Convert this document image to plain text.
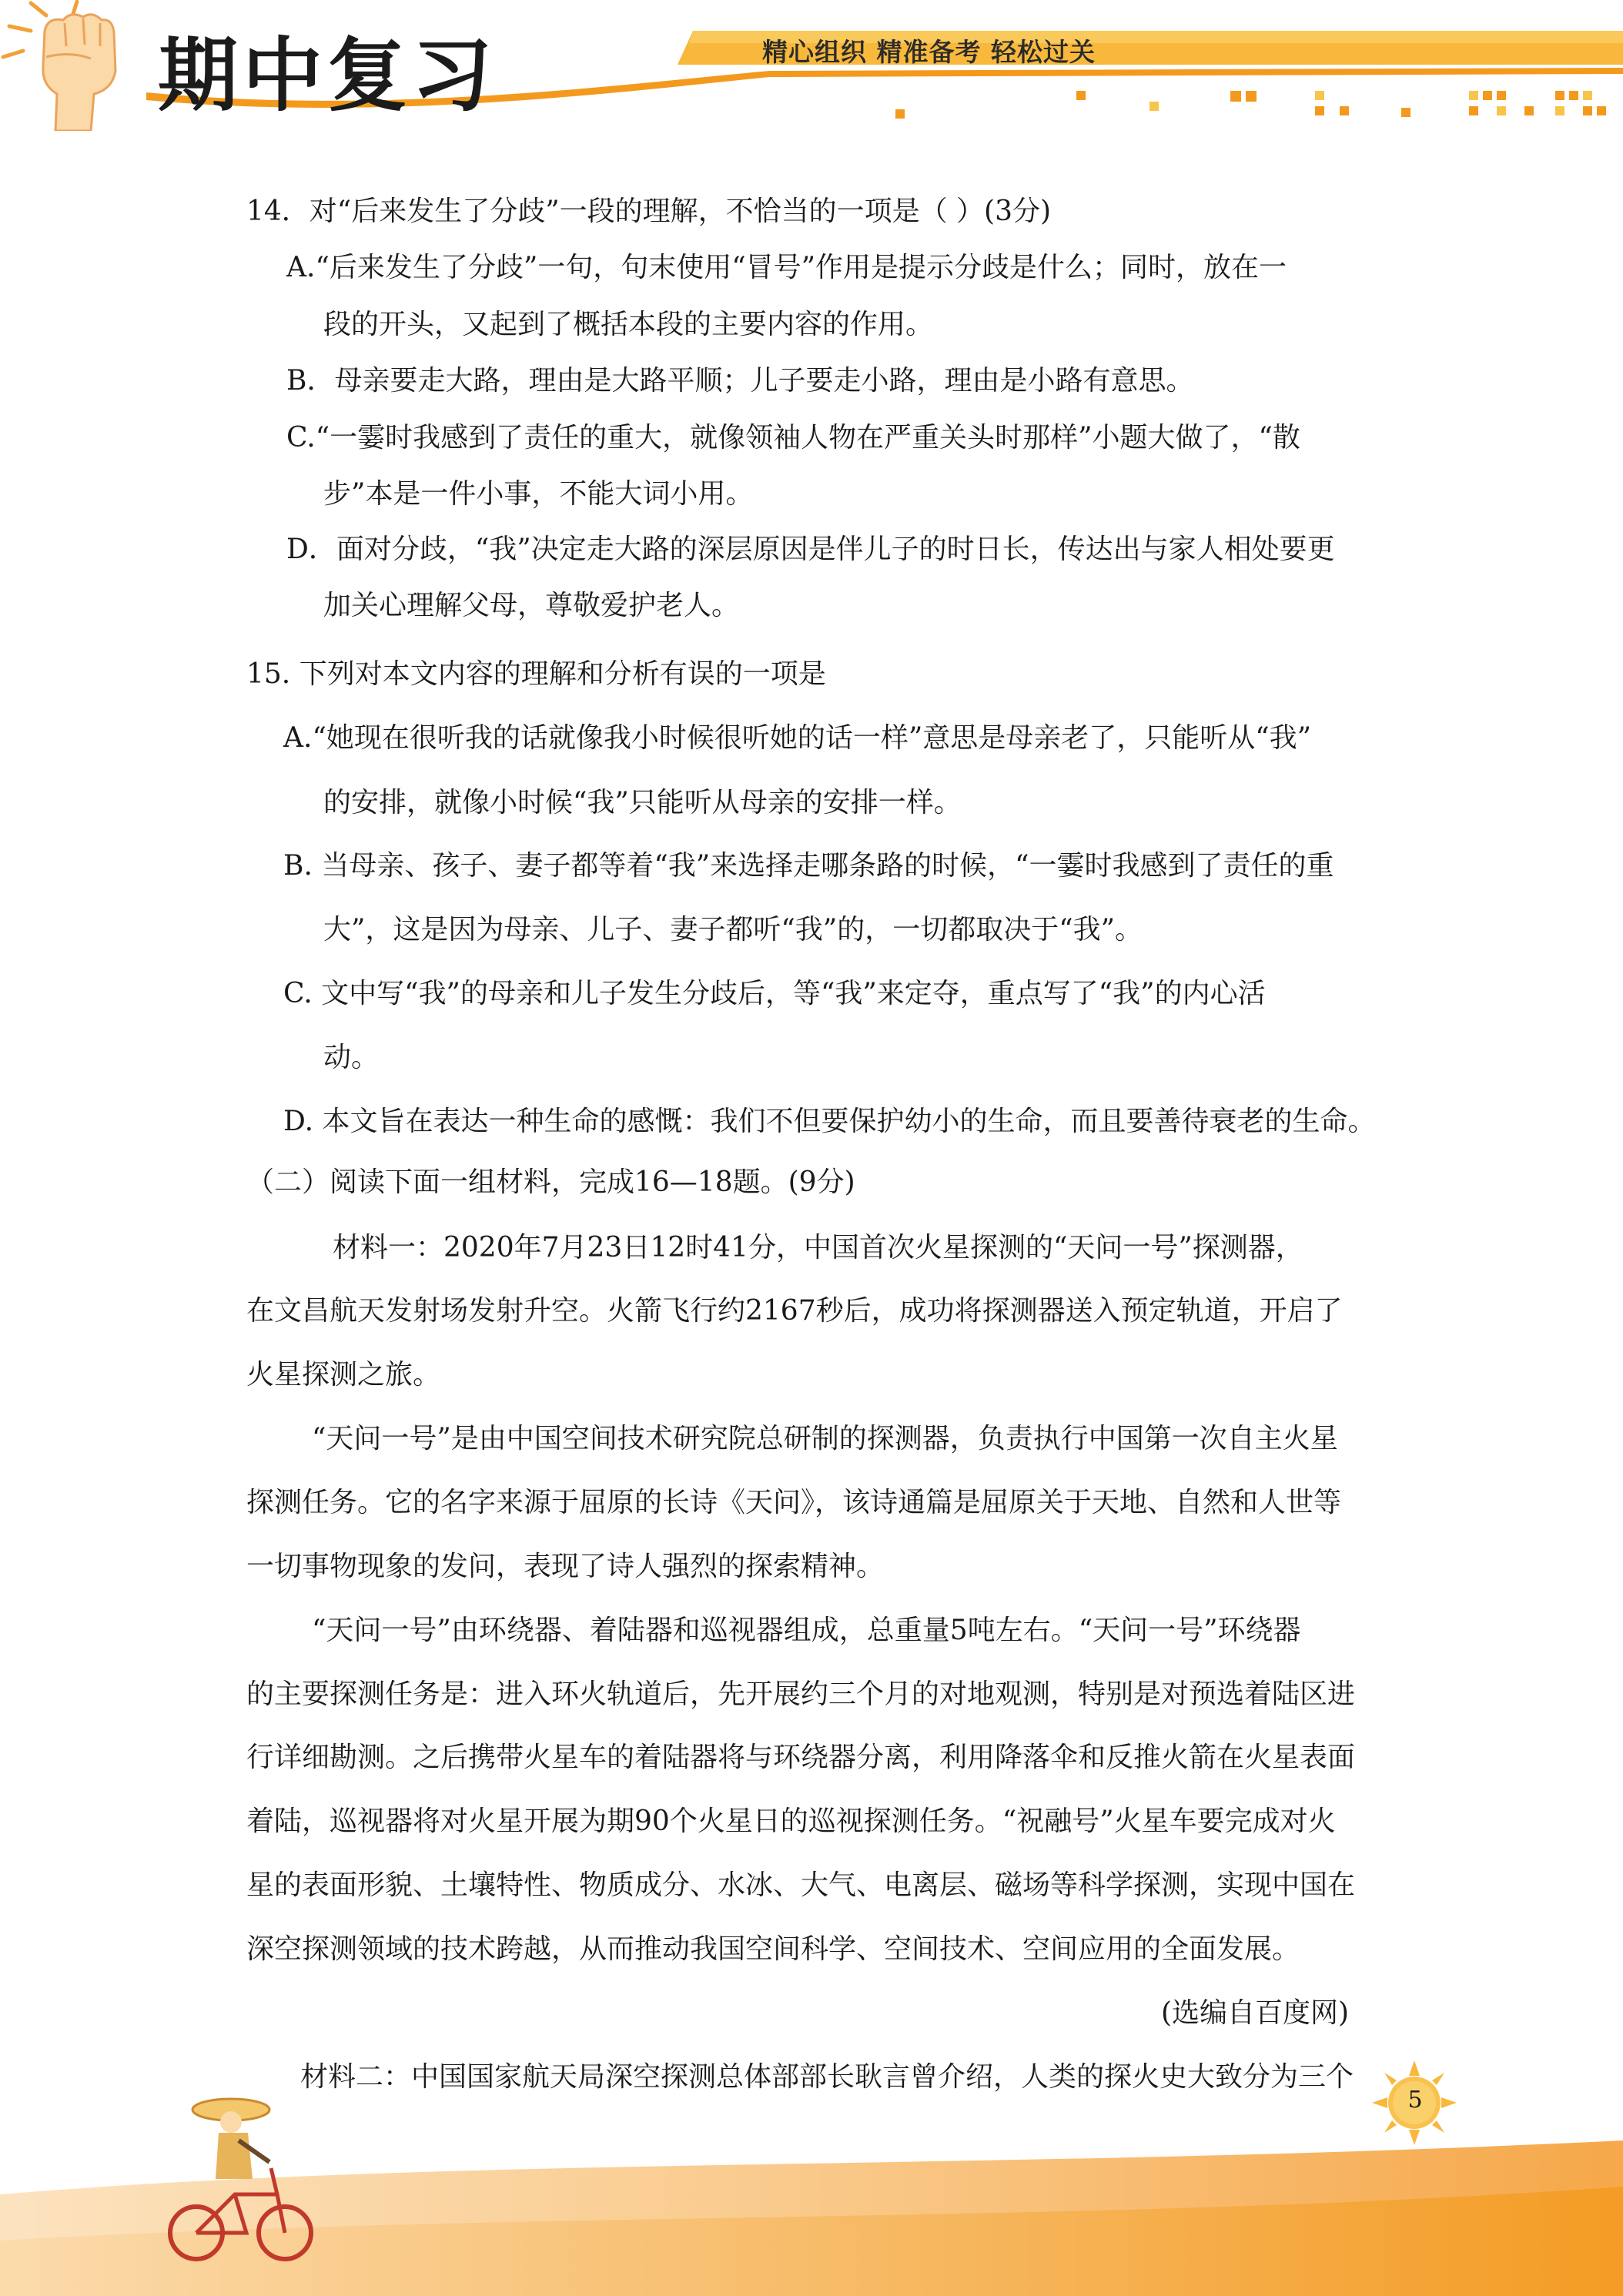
期中复习	精心组织 精准备考 轻松过关
14．对“后来发生了分歧”一段的理解，不恰当的一项是（ ）(3分)
A.“后来发生了分歧”一句，句末使用“冒号”作用是提示分歧是什么；同时，放在一
段的开头，又起到了概括本段的主要内容的作用。
B．母亲要走大路，理由是大路平顺；儿子要走小路，理由是小路有意思。
C.“一霎时我感到了责任的重大，就像领袖人物在严重关头时那样”小题大做了，“散
步”本是一件小事，不能大词小用。
D．面对分歧，“我”决定走大路的深层原因是伴儿子的时日长，传达出与家人相处要更
加关心理解父母，尊敬爱护老人。
15. 下列对本文内容的理解和分析有误的一项是
A.“她现在很听我的话就像我小时候很听她的话一样”意思是母亲老了，只能听从“我”
的安排，就像小时候“我”只能听从母亲的安排一样。
B. 当母亲、孩子、妻子都等着“我”来选择走哪条路的时候，“一霎时我感到了责任的重
大”，这是因为母亲、儿子、妻子都听“我”的，一切都取决于“我”。
C. 文中写“我”的母亲和儿子发生分歧后，等“我”来定夺，重点写了“我”的内心活
动。
D. 本文旨在表达一种生命的感慨：我们不但要保护幼小的生命，而且要善待衰老的生命。
（二）阅读下面一组材料，完成16—18题。(9分)
材料一：2020年7月23日12时41分，中国首次火星探测的“天问一号”探测器，
在文昌航天发射场发射升空。火箭飞行约2167秒后，成功将探测器送入预定轨道，开启了
火星探测之旅。
“天问一号”是由中国空间技术研究院总研制的探测器，负责执行中国第一次自主火星
探测任务。它的名字来源于屈原的长诗《天问》，该诗通篇是屈原关于天地、自然和人世等
一切事物现象的发问，表现了诗人强烈的探索精神。
“天问一号”由环绕器、着陆器和巡视器组成，总重量5吨左右。“天问一号”环绕器
的主要探测任务是：进入环火轨道后，先开展约三个月的对地观测，特别是对预选着陆区进
行详细勘测。之后携带火星车的着陆器将与环绕器分离，利用降落伞和反推火箭在火星表面
着陆，巡视器将对火星开展为期90个火星日的巡视探测任务。“祝融号”火星车要完成对火
星的表面形貌、土壤特性、物质成分、水冰、大气、电离层、磁场等科学探测，实现中国在
深空探测领域的技术跨越，从而推动我国空间科学、空间技术、空间应用的全面发展。
(选编自百度网)
材料二：中国国家航天局深空探测总体部部长耿言曾介绍，人类的探火史大致分为三个
5
